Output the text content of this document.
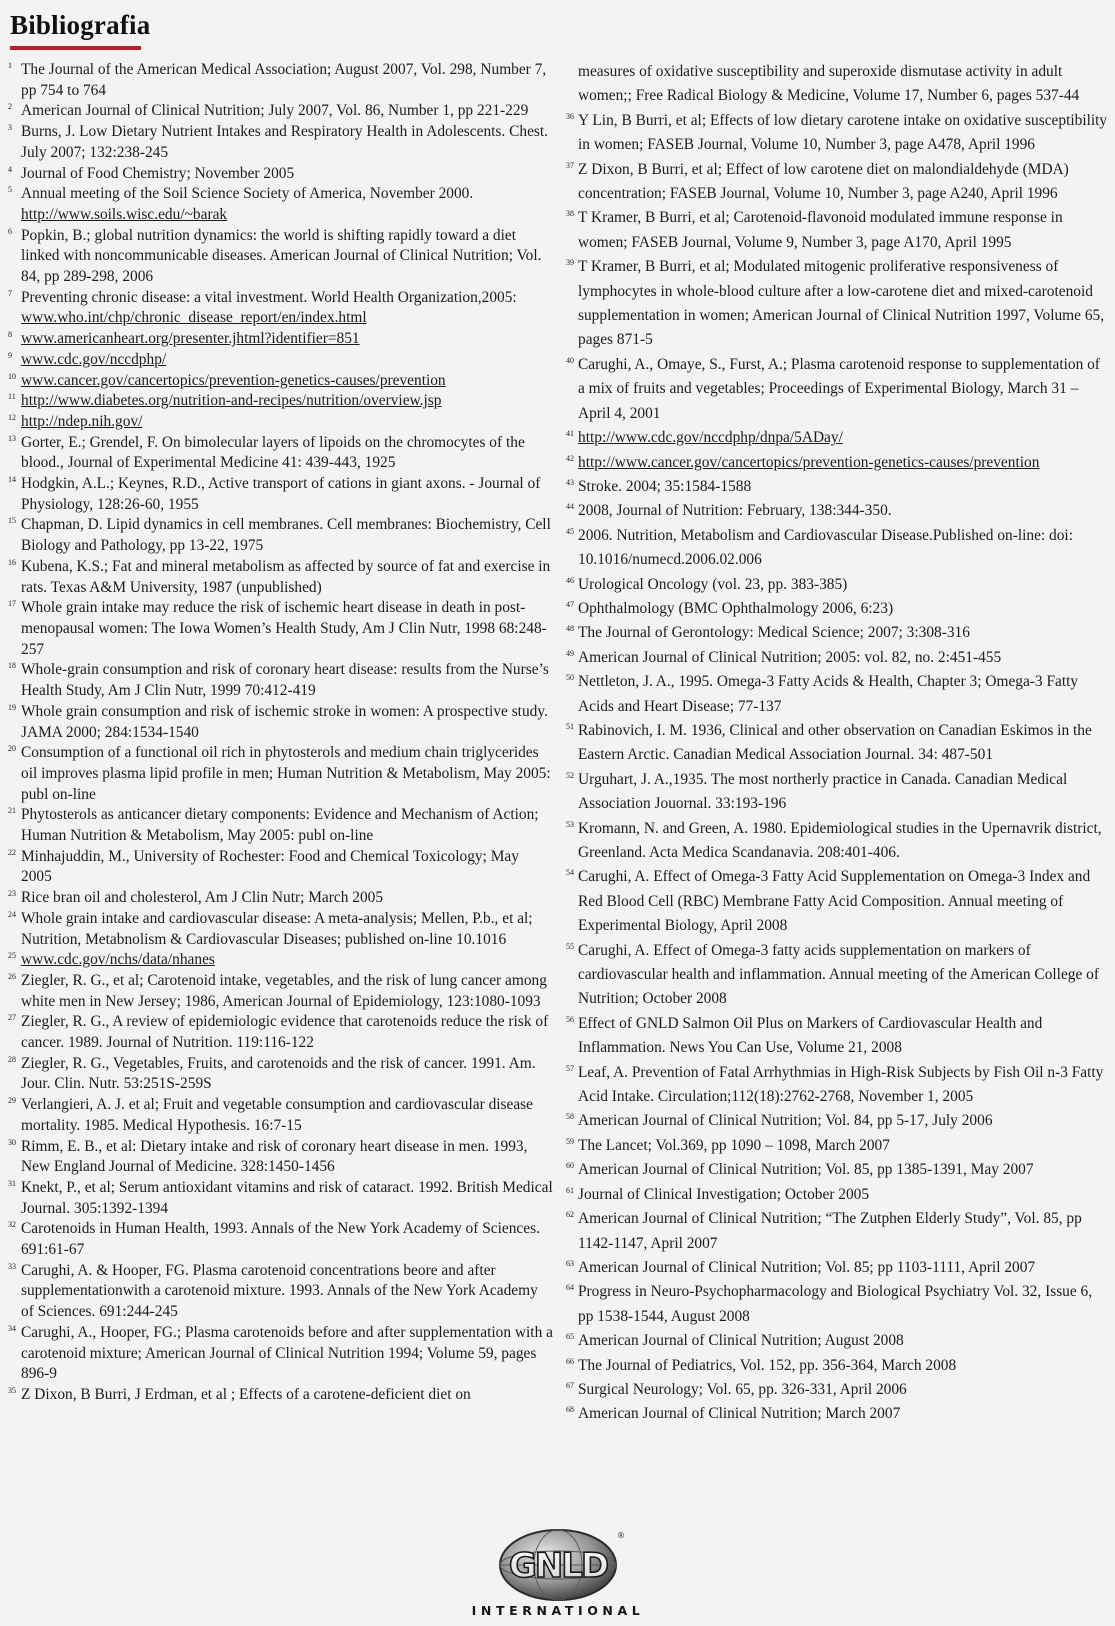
Bibliografia
1 The Journal of the American Medical Association; August 2007, Vol. 298, Number 7, pp 754 to 764
2 American Journal of Clinical Nutrition; July 2007, Vol. 86, Number 1, pp 221-229
3 Burns, J. Low Dietary Nutrient Intakes and Respiratory Health in Adolescents. Chest. July 2007; 132:238-245
4 Journal of Food Chemistry; November 2005
5 Annual meeting of the Soil Science Society of America, November 2000.
http://www.soils.wisc.edu/~barak
6 Popkin, B.; global nutrition dynamics: the world is shifting rapidly toward a diet linked with noncommunicable diseases. American Journal of Clinical Nutrition; Vol. 84, pp 289-298, 2006
7 Preventing chronic disease: a vital investment. World Health Organization,2005: www.who.int/chp/chronic_disease_report/en/index.html
8 www.americanheart.org/presenter.jhtml?identifier=851
9 www.cdc.gov/nccdphp/
10 www.cancer.gov/cancertopics/prevention-genetics-causes/prevention
11 http://www.diabetes.org/nutrition-and-recipes/nutrition/overview.jsp
12 http://ndep.nih.gov/
13 Gorter, E.; Grendel, F. On bimolecular layers of lipoids on the chromocytes of the blood., Journal of Experimental Medicine 41: 439-443, 1925
14 Hodgkin, A.L.; Keynes, R.D., Active transport of cations in giant axons. - Journal of Physiology, 128:26-60, 1955
15 Chapman, D. Lipid dynamics in cell membranes. Cell membranes: Biochemistry, Cell Biology and Pathology, pp 13-22, 1975
16 Kubena, K.S.; Fat and mineral metabolism as affected by source of fat and exercise in rats. Texas A&M University, 1987 (unpublished)
17 Whole grain intake may reduce the risk of ischemic heart disease in death in post-menopausal women: The Iowa Women’s Health Study, Am J Clin Nutr, 1998 68:248-257
18 Whole-grain consumption and risk of coronary heart disease: results from the Nurse’s Health Study, Am J Clin Nutr, 1999 70:412-419
19 Whole grain consumption and risk of ischemic stroke in women: A prospective study. JAMA 2000; 284:1534-1540
20 Consumption of a functional oil rich in phytosterols and medium chain triglycerides oil improves plasma lipid profile in men; Human Nutrition & Metabolism, May 2005: publ on-line
21 Phytosterols as anticancer dietary components: Evidence and Mechanism of Action; Human Nutrition & Metabolism, May 2005: publ on-line
22 Minhajuddin, M., University of Rochester: Food and Chemical Toxicology; May 2005
23 Rice bran oil and cholesterol, Am J Clin Nutr; March 2005
24 Whole grain intake and cardiovascular disease: A meta-analysis; Mellen, P.b., et al; Nutrition, Metabnolism & Cardiovascular Diseases; published on-line 10.1016
25 www.cdc.gov/nchs/data/nhanes
26 Ziegler, R. G., et al; Carotenoid intake, vegetables, and the risk of lung cancer among white men in New Jersey; 1986, American Journal of Epidemiology, 123:1080-1093
27 Ziegler, R. G., A review of epidemiologic evidence that carotenoids reduce the risk of cancer. 1989. Journal of Nutrition. 119:116-122
28 Ziegler, R. G., Vegetables, Fruits, and carotenoids and the risk of cancer. 1991. Am. Jour. Clin. Nutr. 53:251S-259S
29 Verlangieri, A. J. et al; Fruit and vegetable consumption and cardiovascular disease mortality. 1985. Medical Hypothesis. 16:7-15
30 Rimm, E. B., et al: Dietary intake and risk of coronary heart disease in men. 1993, New England Journal of Medicine. 328:1450-1456
31 Knekt, P., et al; Serum antioxidant vitamins and risk of cataract. 1992. British Medical Journal. 305:1392-1394
32 Carotenoids in Human Health, 1993. Annals of the New York Academy of Sciences. 691:61-67
33 Carughi, A. & Hooper, FG. Plasma carotenoid concentrations beore and after supplementationwith a carotenoid mixture. 1993. Annals of the New York Academy of Sciences. 691:244-245
34 Carughi, A., Hooper, FG.; Plasma carotenoids before and after supplementation with a carotenoid mixture; American Journal of Clinical Nutrition 1994; Volume 59, pages 896-9
35 Z Dixon, B Burri, J Erdman, et al ; Effects of a carotene-deficient diet on
measures of oxidative susceptibility and superoxide dismutase activity in adult women;; Free Radical Biology & Medicine, Volume 17, Number 6, pages 537-44
36 Y Lin, B Burri, et al; Effects of low dietary carotene intake on oxidative susceptibility in women; FASEB Journal, Volume 10, Number 3, page A478, April 1996
37 Z Dixon, B Burri, et al; Effect of low carotene diet on malondialdehyde (MDA) concentration; FASEB Journal, Volume 10, Number 3, page A240, April 1996
38 T Kramer, B Burri, et al; Carotenoid-flavonoid modulated immune response in women; FASEB Journal, Volume 9, Number 3, page A170, April 1995
39 T Kramer, B Burri, et al; Modulated mitogenic proliferative responsiveness of lymphocytes in whole-blood culture after a low-carotene diet and mixed-carotenoid supplementation in women; American Journal of Clinical Nutrition 1997, Volume 65, pages 871-5
40 Carughi, A., Omaye, S., Furst, A.; Plasma carotenoid response to supplementation of a mix of fruits and vegetables; Proceedings of Experimental Biology, March 31 – April 4, 2001
41 http://www.cdc.gov/nccdphp/dnpa/5ADay/
42 http://www.cancer.gov/cancertopics/prevention-genetics-causes/prevention
43 Stroke. 2004; 35:1584-1588
44 2008, Journal of Nutrition: February, 138:344-350.
45 2006. Nutrition, Metabolism and Cardiovascular Disease.Published on-line: doi: 10.1016/numecd.2006.02.006
46 Urological Oncology (vol. 23, pp. 383-385)
47 Ophthalmology (BMC Ophthalmology 2006, 6:23)
48 The Journal of Gerontology: Medical Science; 2007; 3:308-316
49 American Journal of Clinical Nutrition; 2005: vol. 82, no. 2:451-455
50 Nettleton, J. A., 1995. Omega-3 Fatty Acids & Health, Chapter 3; Omega-3 Fatty Acids and Heart Disease; 77-137
51 Rabinovich, I. M. 1936, Clinical and other observation on Canadian Eskimos in the Eastern Arctic. Canadian Medical Association Journal. 34: 487-501
52 Urguhart, J. A.,1935. The most northerly practice in Canada. Canadian Medical Association Jouornal. 33:193-196
53 Kromann, N. and Green, A. 1980. Epidemiological studies in the Upernavrik district, Greenland. Acta Medica Scandanavia. 208:401-406.
54 Carughi, A. Effect of Omega-3 Fatty Acid Supplementation on Omega-3 Index and Red Blood Cell (RBC) Membrane Fatty Acid Composition. Annual meeting of Experimental Biology, April 2008
55 Carughi, A. Effect of Omega-3 fatty acids supplementation on markers of cardiovascular health and inflammation. Annual meeting of the American College of Nutrition; October 2008
56 Effect of GNLD Salmon Oil Plus on Markers of Cardiovascular Health and Inflammation. News You Can Use, Volume 21, 2008
57 Leaf, A. Prevention of Fatal Arrhythmias in High-Risk Subjects by Fish Oil n-3 Fatty Acid Intake. Circulation;112(18):2762-2768, November 1, 2005
58 American Journal of Clinical Nutrition; Vol. 84, pp 5-17, July 2006
59 The Lancet; Vol.369, pp 1090 – 1098, March 2007
60 American Journal of Clinical Nutrition; Vol. 85, pp 1385-1391, May 2007
61 Journal of Clinical Investigation; October 2005
62 American Journal of Clinical Nutrition; “The Zutphen Elderly Study”, Vol. 85, pp 1142-1147, April 2007
63 American Journal of Clinical Nutrition; Vol. 85; pp 1103-1111, April 2007
64 Progress in Neuro-Psychopharmacology and Biological Psychiatry Vol. 32, Issue 6, pp 1538-1544, August 2008
65 American Journal of Clinical Nutrition; August 2008
66 The Journal of Pediatrics, Vol. 152, pp. 356-364, March 2008
67 Surgical Neurology; Vol. 65, pp. 326-331, April 2006
68 American Journal of Clinical Nutrition; March 2007
GNLD
®
INTERNATIONAL
